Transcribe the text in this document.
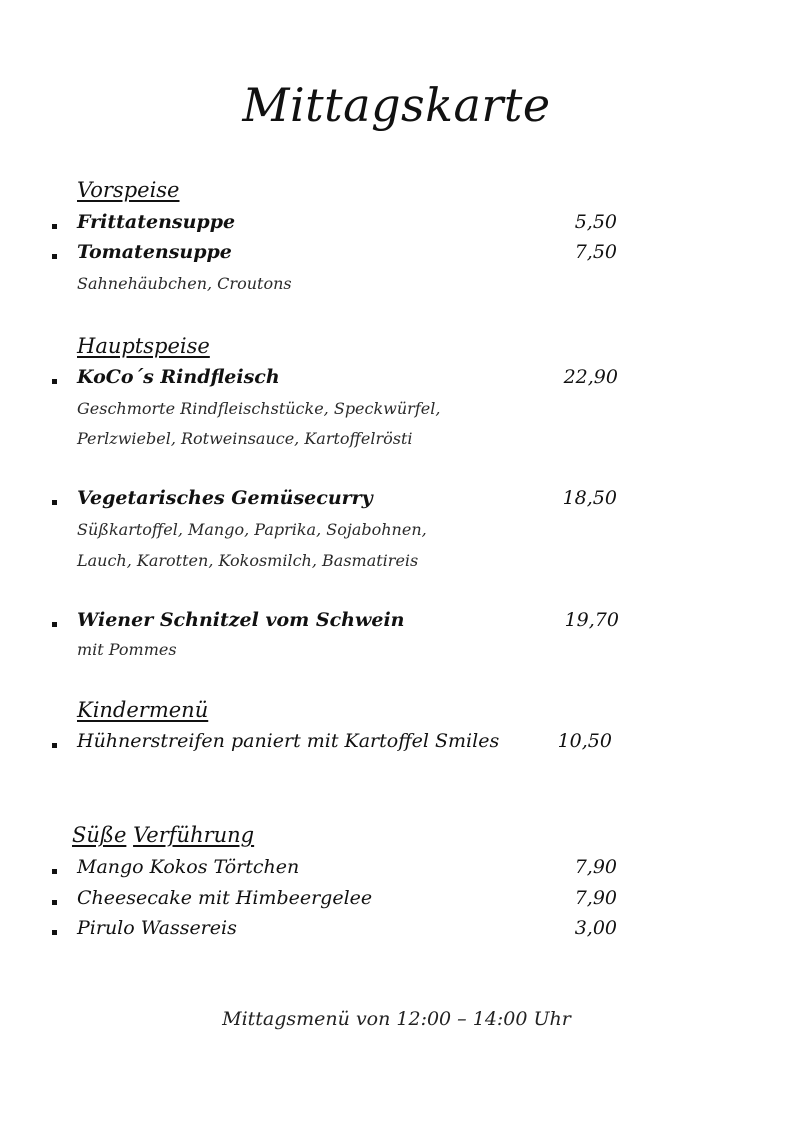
Mittagskarte
Vorspeise
Frittatensuppe	5,50
Tomatensuppe	7,50
Sahnehäubchen, Croutons
Hauptspeise
KoCo´s Rindfleisch	22,90
Geschmorte Rindfleischstücke, Speckwürfel,
Perlzwiebel, Rotweinsauce, Kartoffelrösti
Vegetarisches Gemüsecurry	18,50
Süßkartoffel, Mango, Paprika, Sojabohnen,
Lauch, Karotten, Kokosmilch, Basmatireis
Wiener Schnitzel vom Schwein	19,70
mit Pommes
Kindermenü
Hühnerstreifen paniert mit Kartoffel Smiles	10,50
Süße Verführung
Mango Kokos Törtchen	7,90
Cheesecake mit Himbeergelee	7,90
Pirulo Wassereis	3,00
Mittagsmenü von 12:00 – 14:00 Uhr
